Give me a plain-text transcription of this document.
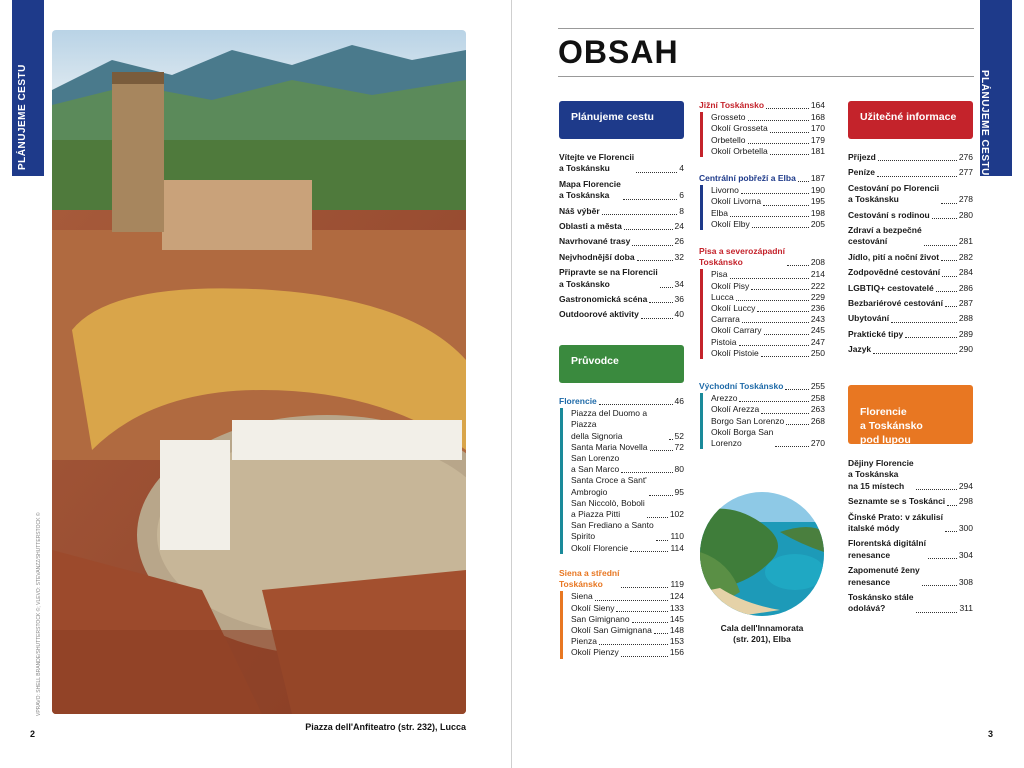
PLÁNUJEME CESTU
VPRAVO: SHELL BRANDE/SHUTTERSTOCK ©; VLEVO: STEVANZZ/SHUTTERSTOCK ©
Piazza dell'Anfiteatro (str. 232), Lucca
2
PLÁNUJEME CESTU
OBSAH
Plánujeme cestu
Vítejte ve Florencii
a Toskánsku	4
Mapa Florencie
a Toskánska	6
Náš výběr	8
Oblasti a města	24
Navrhované trasy	26
Nejvhodnější doba	32
Připravte se na Florencii
a Toskánsko	34
Gastronomická scéna	36
Outdoorové aktivity	40
Průvodce
Florencie	46
Piazza del Duomo a Piazza
della Signoria	52
Santa Maria Novella	72
San Lorenzo
a San Marco	80
Santa Croce a Sant'
Ambrogio	95
San Niccolò, Boboli
a Piazza Pitti	102
San Frediano a Santo
Spirito	110
Okolí Florencie	114
Siena a střední
Toskánsko	119
Siena	124
Okolí Sieny	133
San Gimignano	145
Okolí San Gimignana 148
Pienza	153
Okolí Pienzy	156
Jižní Toskánsko	164
Grosseto	168
Okolí Grosseta	170
Orbetello	179
Okolí Orbetella	181
Centrální pobřeží a Elba 187
Livorno	190
Okolí Livorna	195
Elba	198
Okolí Elby	205
Pisa a severozápadní
Toskánsko	208
Pisa	214
Okolí Pisy	222
Lucca	229
Okolí Luccy	236
Carrara	243
Okolí Carrary	245
Pistoia	247
Okolí Pistoie	250
Východní Toskánsko	255
Arezzo	258
Okolí Arezza	263
Borgo San Lorenzo	268
Okolí Borga San
Lorenzo	270
Cala dell'Innamorata
(str. 201), Elba
Užitečné informace
Příjezd	276
Peníze	277
Cestování po Florencii
a Toskánsku	278
Cestování s rodinou	280
Zdraví a bezpečné
cestování	281
Jídlo, pití a noční život 282
Zodpovědné cestování 284
LGBTIQ+ cestovatelé	286
Bezbariérové cestování 287
Ubytování	288
Praktické tipy	289
Jazyk	290

Florencie
a Toskánsko
pod lupou

Dějiny Florencie
a Toskánska
na 15 místech	294
Seznamte se s Toskánci 298
Čínské Prato: v zákulisí
italské módy	300
Florentská digitální
renesance	304
Zapomenuté ženy
renesance	308
Toskánsko stále
odolává?	311
3
